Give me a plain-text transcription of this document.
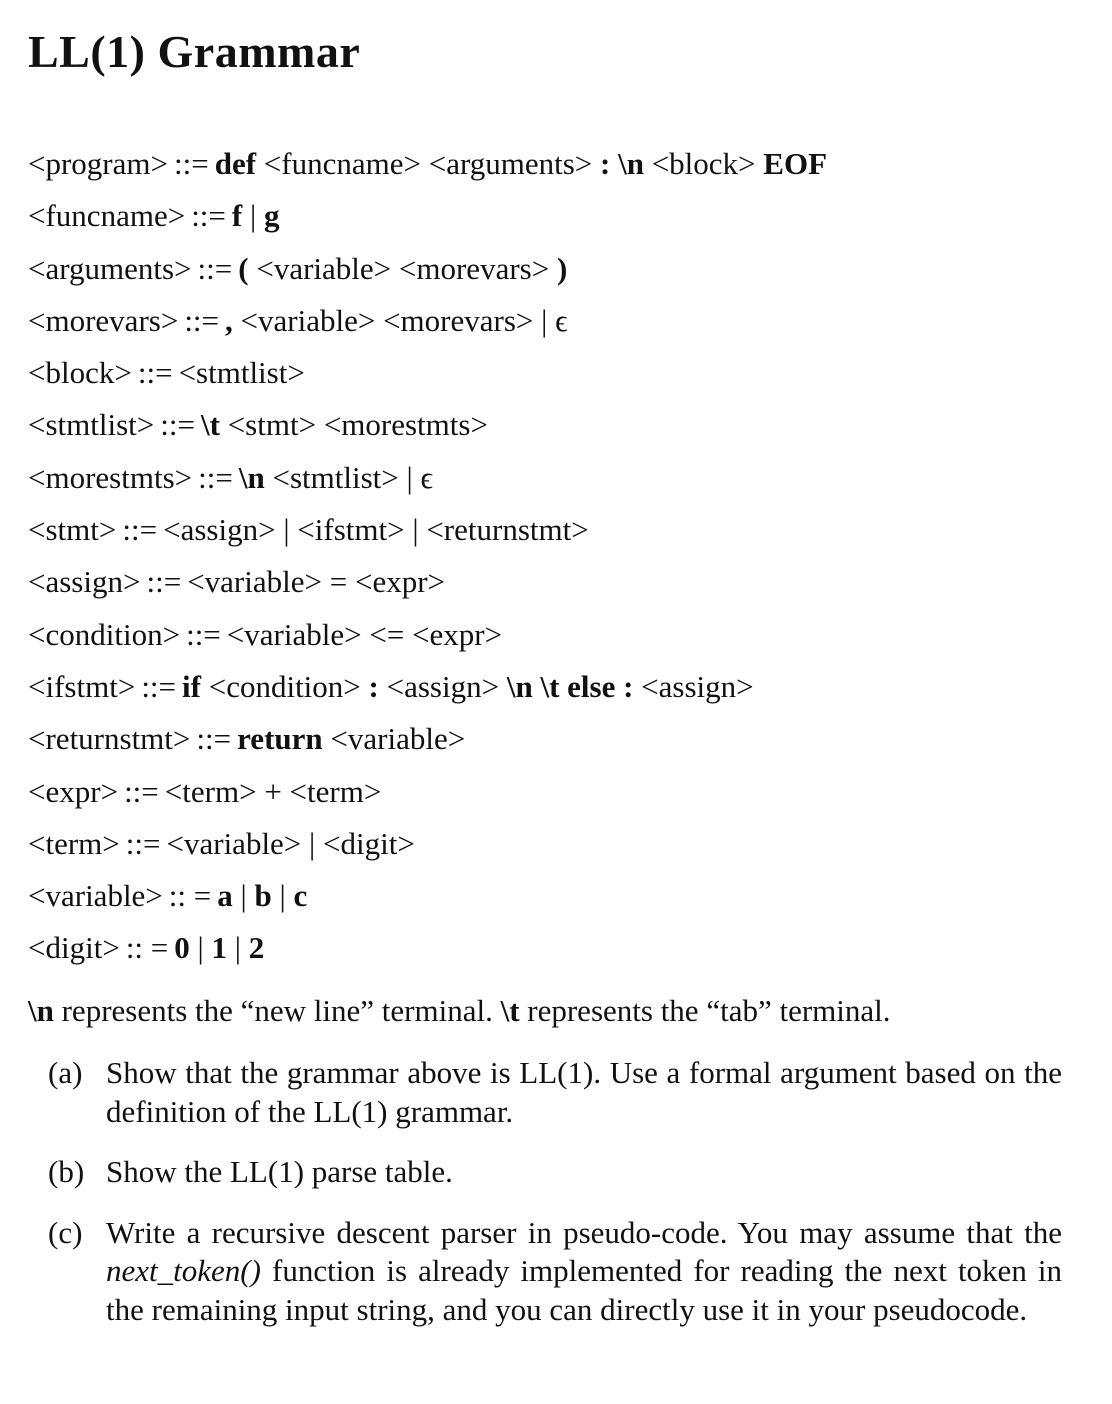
LL(1) Grammar
<program> ::= def <funcname> <arguments> : \n <block> EOF
<funcname> ::= f | g
<arguments> ::= ( <variable> <morevars> )
<morevars> ::= , <variable> <morevars> | ϵ
<block> ::= <stmtlist>
<stmtlist> ::= \t <stmt> <morestmts>
<morestmts> ::= \n <stmtlist> | ϵ
<stmt> ::= <assign> | <ifstmt> | <returnstmt>
<assign> ::= <variable> = <expr>
<condition> ::= <variable> <= <expr>
<ifstmt> ::= if <condition> : <assign> \n \t else : <assign>
<returnstmt> ::= return <variable>
<expr> ::= <term> + <term>
<term> ::= <variable> | <digit>
<variable> :: = a | b | c
<digit> :: = 0 | 1 | 2
\n represents the “new line” terminal. \t represents the “tab” terminal.
(a) Show that the grammar above is LL(1). Use a formal argument based on the definition of the LL(1) grammar.
(b) Show the LL(1) parse table.
(c) Write a recursive descent parser in pseudo-code. You may assume that the next_token() function is already implemented for reading the next token in the remaining input string, and you can directly use it in your pseudocode.
